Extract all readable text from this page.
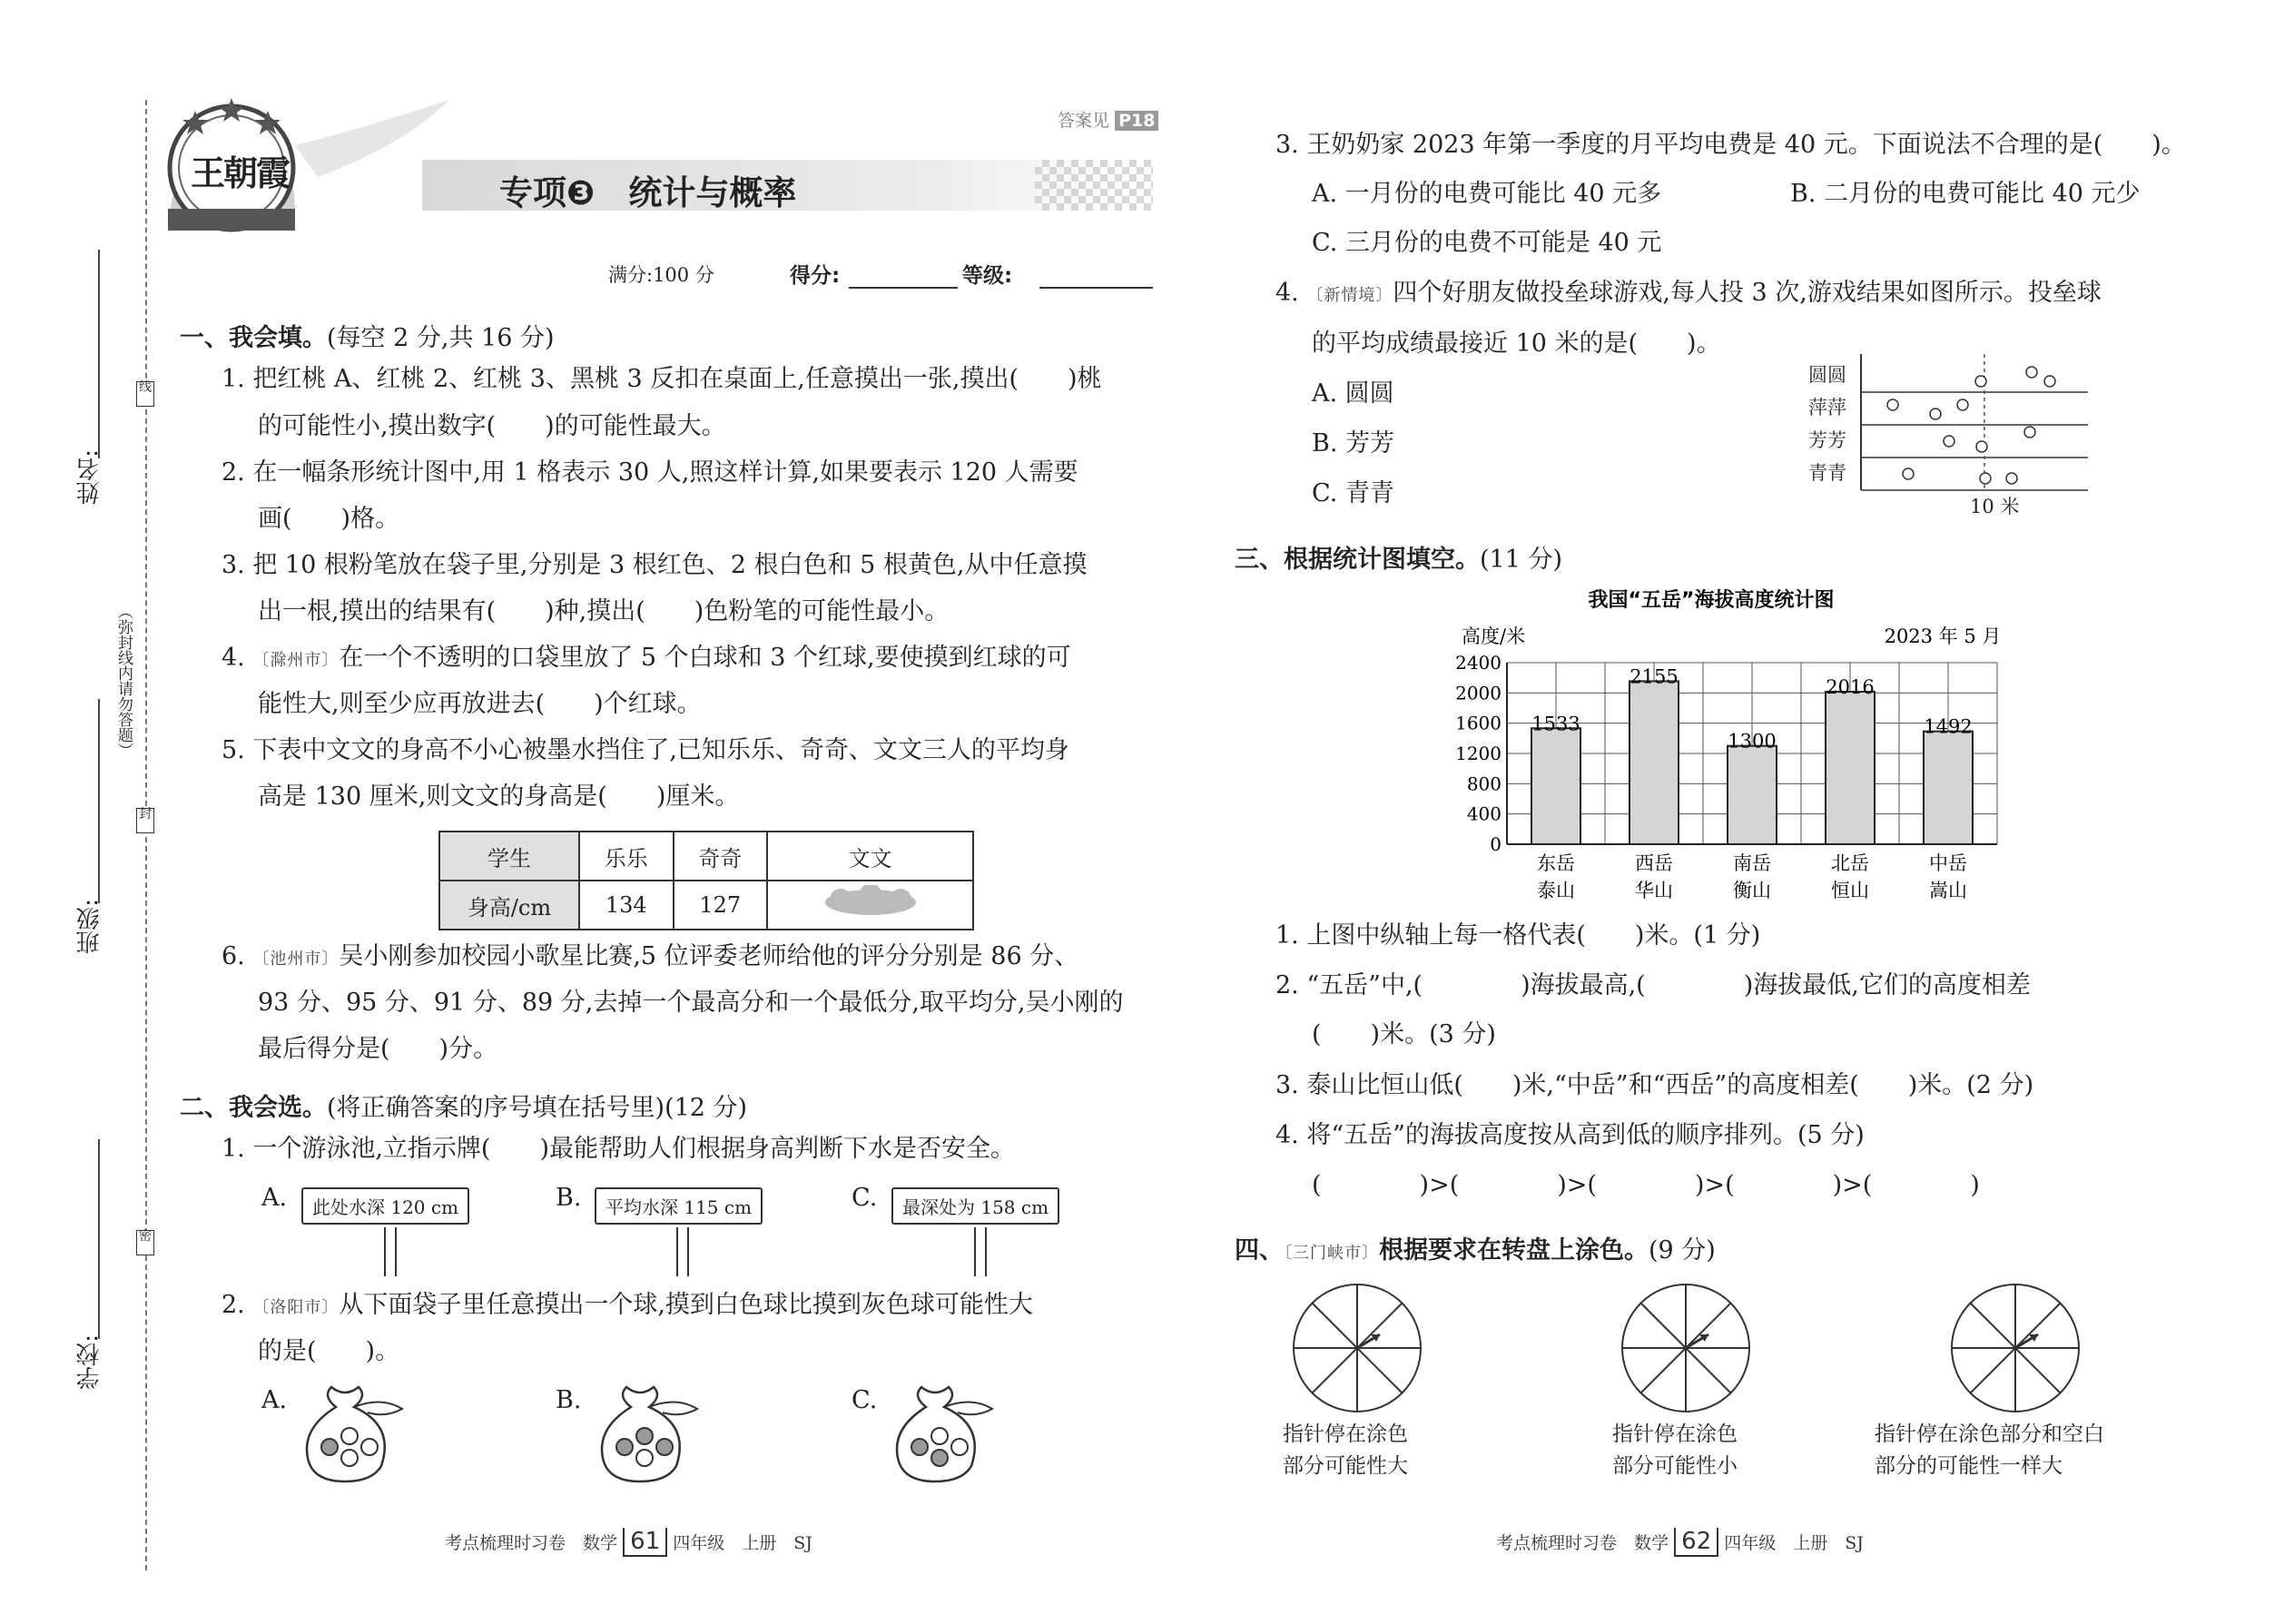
姓名:
班级:
学校:
（弥封线内请勿答题）
线
封
密
王朝霞	专项❸　统计与概率
答案见 P18
满分:100 分	得分:	等级:
一、我会填。(每空 2 分,共 16 分)
1. 把红桃 A、红桃 2、红桃 3、黑桃 3 反扣在桌面上,任意摸出一张,摸出(　　)桃
的可能性小,摸出数字(　　)的可能性最大。
2. 在一幅条形统计图中,用 1 格表示 30 人,照这样计算,如果要表示 120 人需要
画(　　)格。
3. 把 10 根粉笔放在袋子里,分别是 3 根红色、2 根白色和 5 根黄色,从中任意摸
出一根,摸出的结果有(　　)种,摸出(　　)色粉笔的可能性最小。
4. 〔滁州市〕在一个不透明的口袋里放了 5 个白球和 3 个红球,要使摸到红球的可
能性大,则至少应再放进去(　　)个红球。
5. 下表中文文的身高不小心被墨水挡住了,已知乐乐、奇奇、文文三人的平均身
高是 130 厘米,则文文的身高是(　　)厘米。
学生	乐乐	奇奇	文文
身高/cm	134	127	
6. 〔池州市〕吴小刚参加校园小歌星比赛,5 位评委老师给他的评分分别是 86 分、
93 分、95 分、91 分、89 分,去掉一个最高分和一个最低分,取平均分,吴小刚的
最后得分是(　　)分。
二、我会选。(将正确答案的序号填在括号里)(12 分)
1. 一个游泳池,立指示牌(　　)最能帮助人们根据身高判断下水是否安全。
A.	此处水深 120 cm	B.	平均水深 115 cm	C.	最深处为 158 cm
2. 〔洛阳市〕从下面袋子里任意摸出一个球,摸到白色球比摸到灰色球可能性大
的是(　　)。
A.	B.	C.
考点梳理时习卷　数学 61 四年级　上册　SJ
3. 王奶奶家 2023 年第一季度的月平均电费是 40 元。下面说法不合理的是(　　)。
A. 一月份的电费可能比 40 元多	B. 二月份的电费可能比 40 元少
C. 三月份的电费不可能是 40 元
4. 〔新情境〕四个好朋友做投垒球游戏,每人投 3 次,游戏结果如图所示。投垒球
的平均成绩最接近 10 米的是(　　)。
A. 圆圆
B. 芳芳
C. 青青
圆圆
萍萍
芳芳
青青
10 米
三、根据统计图填空。(11 分)
我国“五岳”海拔高度统计图
高度/米	2023 年 5 月
0
400
800
1200
1600
2000
2400
1533
东岳
泰山
2155
西岳
华山
1300
南岳
衡山
2016
北岳
恒山
1492
中岳
嵩山
1. 上图中纵轴上每一格代表(　　)米。(1 分)
2. “五岳”中,(　　　　)海拔最高,(　　　　)海拔最低,它们的高度相差
(　　)米。(3 分)
3. 泰山比恒山低(　　)米,“中岳”和“西岳”的高度相差(　　)米。(2 分)
4. 将“五岳”的海拔高度按从高到低的顺序排列。(5 分)
(　　　　)>(　　　　)>(　　　　)>(　　　　)>(　　　　)
四、〔三门峡市〕根据要求在转盘上涂色。(9 分)
指针停在涂色
部分可能性大
指针停在涂色
部分可能性小
指针停在涂色部分和空白
部分的可能性一样大
考点梳理时习卷　数学 62 四年级　上册　SJ
